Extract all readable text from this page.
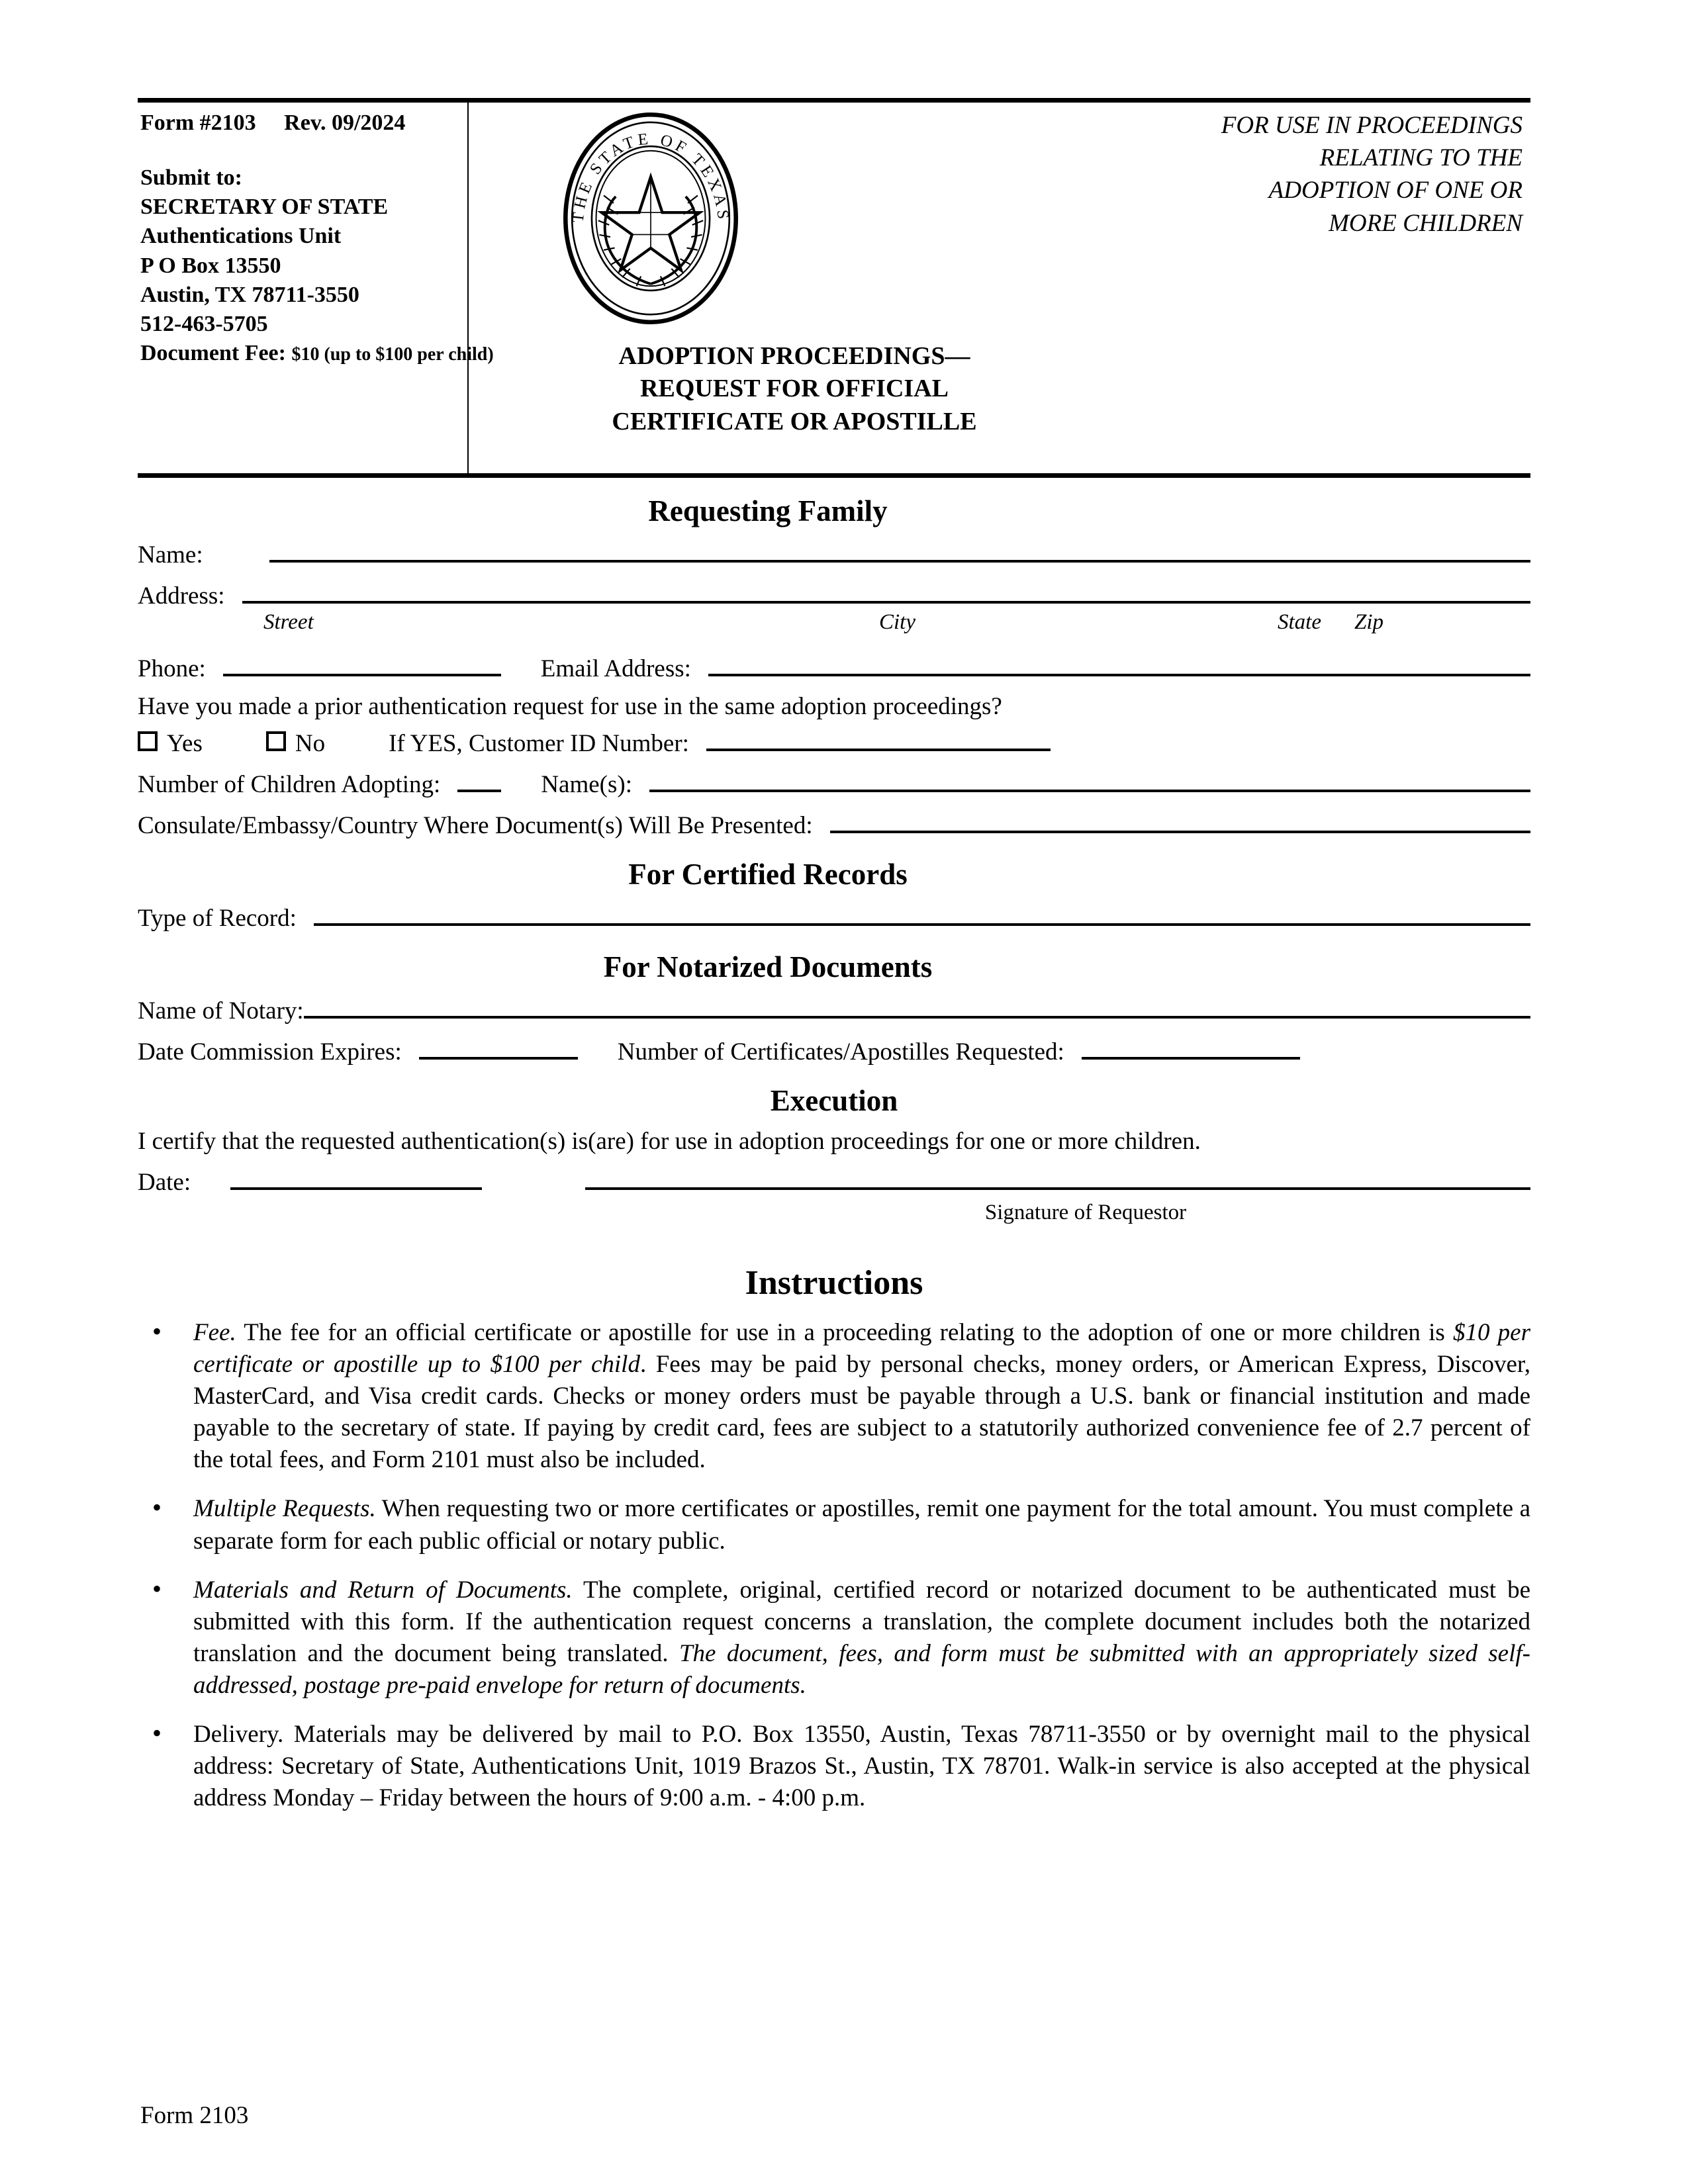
Form #2103     Rev. 09/2024
Submit to:
SECRETARY OF STATE
Authentications Unit
P O Box 13550
Austin, TX 78711-3550
512-463-5705
Document Fee: $10 (up to $100 per child)
THE STATE OF TEXAS
FOR USE IN PROCEEDINGS
RELATING TO THE
ADOPTION OF ONE OR
MORE CHILDREN
ADOPTION PROCEEDINGS—
REQUEST FOR OFFICIAL
CERTIFICATE OR APOSTILLE
Requesting Family
Name:
Address:
Street	City	State Zip
Phone:	Email Address:
Have you made a prior authentication request for use in the same adoption proceedings?
Yes	No	If YES, Customer ID Number:
Number of Children Adopting:	Name(s):
Consulate/Embassy/Country Where Document(s) Will Be Presented:
For Certified Records
Type of Record:
For Notarized Documents
Name of Notary:
Date Commission Expires:	Number of Certificates/Apostilles Requested:
Execution
I certify that the requested authentication(s) is(are) for use in adoption proceedings for one or more children.
Date:
Signature of Requestor
Instructions
• Fee. The fee for an official certificate or apostille for use in a proceeding relating to the adoption of one or more children is $10 per certificate or apostille up to $100 per child. Fees may be paid by personal checks, money orders, or American Express, Discover, MasterCard, and Visa credit cards. Checks or money orders must be payable through a U.S. bank or financial institution and made payable to the secretary of state. If paying by credit card, fees are subject to a statutorily authorized convenience fee of 2.7 percent of the total fees, and Form 2101 must also be included.
• Multiple Requests. When requesting two or more certificates or apostilles, remit one payment for the total amount. You must complete a separate form for each public official or notary public.
• Materials and Return of Documents. The complete, original, certified record or notarized document to be authenticated must be submitted with this form. If the authentication request concerns a translation, the complete document includes both the notarized translation and the document being translated. The document, fees, and form must be submitted with an appropriately sized self-addressed, postage pre-paid envelope for return of documents.
• Delivery. Materials may be delivered by mail to P.O. Box 13550, Austin, Texas 78711-3550 or by overnight mail to the physical address: Secretary of State, Authentications Unit, 1019 Brazos St., Austin, TX 78701. Walk-in service is also accepted at the physical address Monday – Friday between the hours of 9:00 a.m. - 4:00 p.m.
Form 2103
